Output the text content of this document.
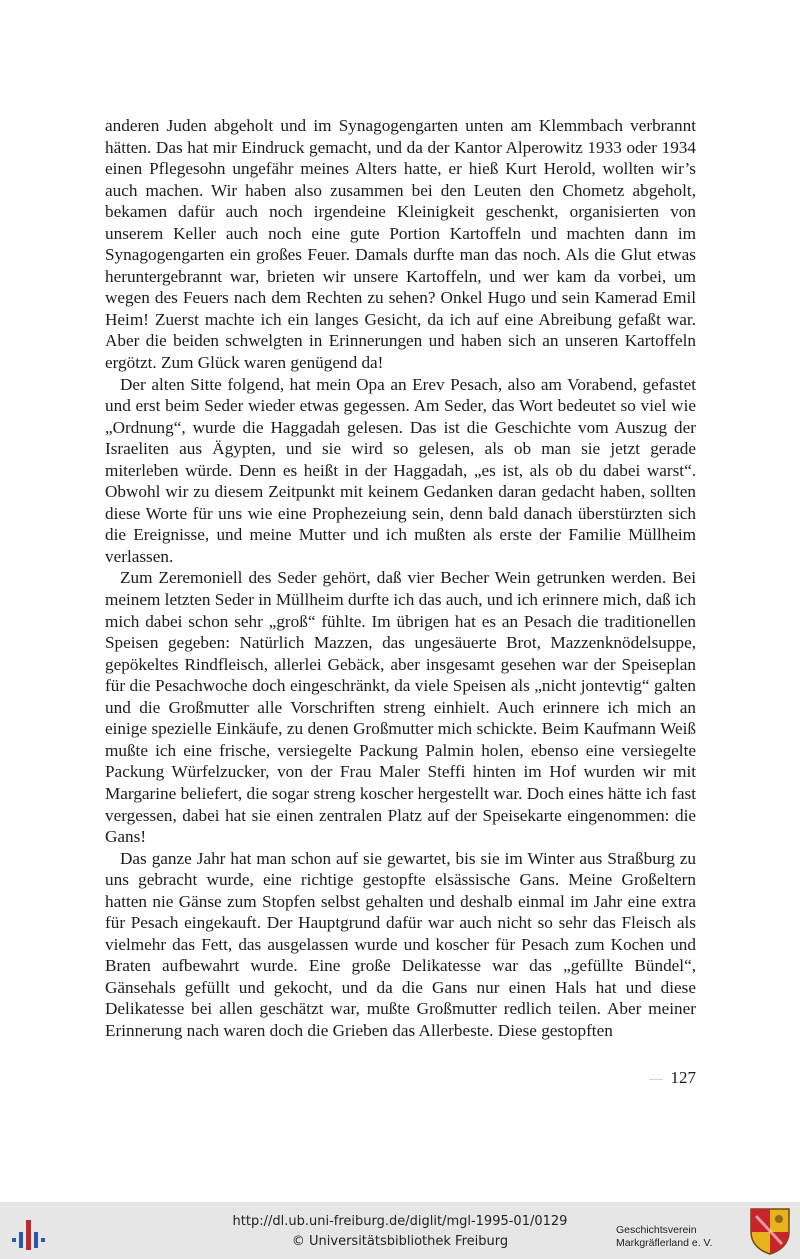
anderen Juden abgeholt und im Synagogengarten unten am Klemmbach verbrannt hätten. Das hat mir Eindruck gemacht, und da der Kantor Alperowitz 1933 oder 1934 einen Pflegesohn ungefähr meines Alters hatte, er hieß Kurt Herold, wollten wir’s auch machen. Wir haben also zusammen bei den Leuten den Chometz abgeholt, bekamen dafür auch noch irgendeine Kleinigkeit geschenkt, organisierten von unserem Keller auch noch eine gute Portion Kartoffeln und machten dann im Synagogengarten ein großes Feuer. Damals durfte man das noch. Als die Glut etwas heruntergebrannt war, brieten wir unsere Kartoffeln, und wer kam da vorbei, um wegen des Feuers nach dem Rechten zu sehen? Onkel Hugo und sein Kamerad Emil Heim! Zuerst machte ich ein langes Gesicht, da ich auf eine Abreibung gefaßt war. Aber die beiden schwelgten in Erinnerungen und haben sich an unseren Kartoffeln ergötzt. Zum Glück waren genügend da!

Der alten Sitte folgend, hat mein Opa an Erev Pesach, also am Vorabend, gefastet und erst beim Seder wieder etwas gegessen. Am Seder, das Wort bedeutet so viel wie „Ordnung“, wurde die Haggadah gelesen. Das ist die Geschichte vom Auszug der Israeliten aus Ägypten, und sie wird so gelesen, als ob man sie jetzt gerade miterleben würde. Denn es heißt in der Haggadah, „es ist, als ob du dabei warst“. Obwohl wir zu diesem Zeitpunkt mit keinem Gedanken daran gedacht haben, sollten diese Worte für uns wie eine Prophezeiung sein, denn bald danach überstürzten sich die Ereignisse, und meine Mutter und ich mußten als erste der Familie Müllheim verlassen.

Zum Zeremoniell des Seder gehört, daß vier Becher Wein getrunken werden. Bei meinem letzten Seder in Müllheim durfte ich das auch, und ich erinnere mich, daß ich mich dabei schon sehr „groß“ fühlte. Im übrigen hat es an Pesach die traditionellen Speisen gegeben: Natürlich Mazzen, das ungesäuerte Brot, Mazzenknödelsuppe, gepökeltes Rindfleisch, allerlei Gebäck, aber insgesamt gesehen war der Speiseplan für die Pesachwoche doch eingeschränkt, da viele Speisen als „nicht jontevtig“ galten und die Großmutter alle Vorschriften streng einhielt. Auch erinnere ich mich an einige spezielle Einkäufe, zu denen Großmutter mich schickte. Beim Kaufmann Weiß mußte ich eine frische, versiegelte Packung Palmin holen, ebenso eine versiegelte Packung Würfelzucker, von der Frau Maler Steffi hinten im Hof wurden wir mit Margarine beliefert, die sogar streng koscher hergestellt war. Doch eines hätte ich fast vergessen, dabei hat sie einen zentralen Platz auf der Speisekarte eingenommen: die Gans!

Das ganze Jahr hat man schon auf sie gewartet, bis sie im Winter aus Straßburg zu uns gebracht wurde, eine richtige gestopfte elsässische Gans. Meine Großeltern hatten nie Gänse zum Stopfen selbst gehalten und deshalb einmal im Jahr eine extra für Pesach eingekauft. Der Hauptgrund dafür war auch nicht so sehr das Fleisch als vielmehr das Fett, das ausgelassen wurde und koscher für Pesach zum Kochen und Braten aufbewahrt wurde. Eine große Delikatesse war das „gefüllte Bündel“, Gänsehals gefüllt und gekocht, und da die Gans nur einen Hals hat und diese Delikatesse bei allen geschätzt war, mußte Großmutter redlich teilen. Aber meiner Erinnerung nach waren doch die Grieben das Allerbeste. Diese gestopften

127
http://dl.ub.uni-freiburg.de/diglit/mgl-1995-01/0129
© Universitätsbibliothek Freiburg
Geschichtsverein
Markgräflerland e. V.
